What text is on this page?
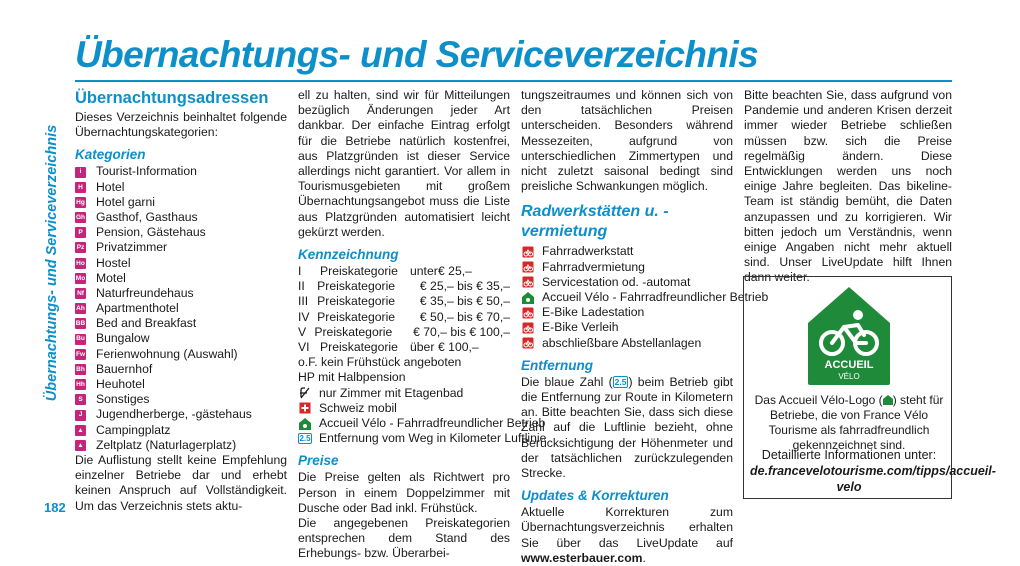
Übernachtungs- und Serviceverzeichnis
182
Übernachtungs- und Serviceverzeichnis
Übernachtungsadressen

Dieses Verzeichnis beinhaltet folgende Übernachtungskategorien:

Kategorien
i	Tourist-Information
H Hotel
Hg Hotel garni
Gh Gasthof, Gasthaus
P Pension, Gästehaus
Pz Privatzimmer
Ho Hostel
Mo Motel
Nf Naturfreundehaus
Ah Apartmenthotel
BB Bed and Breakfast
Bu Bungalow
Fw Ferienwohnung (Auswahl)
Bh Bauernhof
Hh Heuhotel
S Sonstiges
J	Jugendherberge, -gästehaus
▲ Campingplatz
▲ Zeltplatz (Naturlagerplatz)

Die Auflistung stellt keine Empfehlung einzelner Betriebe dar und erhebt keinen Anspruch auf Vollständigkeit. Um das Verzeichnis stets aktu-

ell zu halten, sind wir für Mitteilungen bezüglich Änderungen jeder Art dankbar. Der einfache Eintrag erfolgt für die Betriebe natürlich kostenfrei, aus Platzgründen ist dieser Service allerdings nicht garantiert. Vor allem in Tourismusgebieten mit großem Übernachtungsangebot muss die Liste aus Platzgründen automatisiert leicht gekürzt werden.

Kennzeichnung
I	Preiskategorie unter € 25,–
II	Preiskategorie € 25,– bis € 35,–
III Preiskategorie € 35,– bis € 50,–
IV Preiskategorie € 50,– bis € 70,–
V Preiskategorie € 70,– bis € 100,–
VI Preiskategorie über € 100,–
o.F. kein Frühstück angeboten
HP mit Halbpension
nur Zimmer mit Etagenbad
Schweiz mobil
Accueil Vélo - Fahrradfreundlicher Betrieb
2.5 Entfernung vom Weg in Kilometer Luftlinie
Preise

Die Preise gelten als Richtwert pro Person in einem Doppelzimmer mit Dusche oder Bad inkl. Frühstück.

Die angegebenen Preiskategorien entsprechen dem Stand des Erhebungs- bzw. Überarbei-

tungszeitraumes und können sich von den tatsächlichen Preisen unterscheiden. Besonders während Messezeiten, aufgrund von unterschiedlichen Zimmertypen und nicht zuletzt saisonal bedingt sind preisliche Schwankungen möglich.

Radwerkstätten u. -vermietung
Fahrradwerkstatt
Fahrradvermietung
Servicestation od. -automat
Accueil Vélo - Fahrradfreundlicher Betrieb
E-Bike Ladestation
E-Bike Verleih
abschließbare Abstellanlagen
Entfernung

Die blaue Zahl ( 2.5 ) beim Betrieb gibt die Entfernung zur Route in Kilometern an. Bitte beachten Sie, dass sich diese Zahl auf die Luftlinie bezieht, ohne Berücksichtigung der Höhenmeter und der tatsächlichen zurückzulegenden Strecke.

Updates & Korrekturen

Aktuelle Korrekturen zum Übernachtungsverzeichnis erhalten Sie über das LiveUpdate auf www.esterbauer.com.

Bitte beachten Sie, dass aufgrund von Pandemie und anderen Krisen derzeit immer wieder Betriebe schließen müssen bzw. sich die Preise regelmäßig ändern. Diese Entwicklungen werden uns noch einige Jahre begleiten. Das bikeline-Team ist ständig bemüht, die Daten anzupassen und zu korrigieren. Wir bitten jedoch um Verständnis, wenn einige Angaben nicht mehr aktuell sind. Unser LiveUpdate hilft Ihnen dann weiter.

ACCUEIL
VÉLO
Das Accueil Vélo-Logo ( ) steht für Betriebe, die von France Vélo Tourisme als fahrradfreundlich gekennzeichnet sind.
Detaillierte Informationen unter:
de.francevelotourisme.com/tipps/accueil-velo
